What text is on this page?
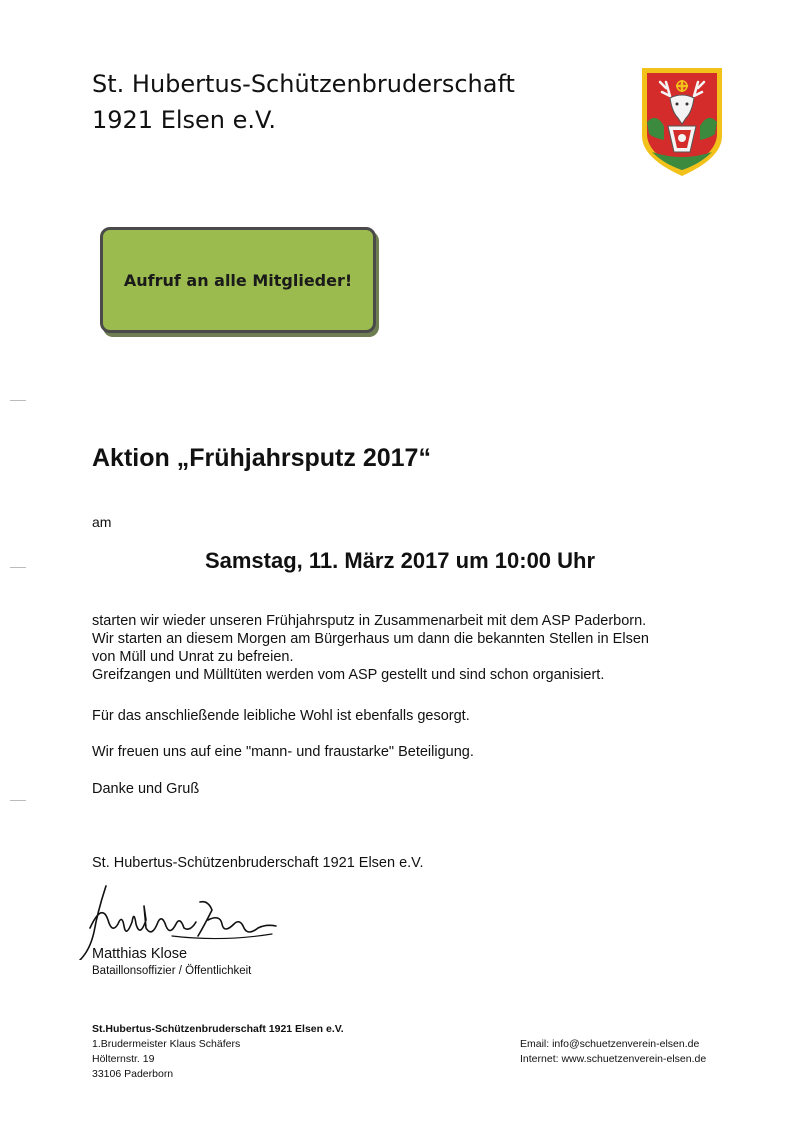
St. Hubertus-Schützenbruderschaft
1921 Elsen e.V.
Aufruf an alle Mitglieder!
Aktion „Frühjahrsputz 2017“
am
Samstag, 11. März 2017 um 10:00 Uhr
starten wir wieder unseren Frühjahrsputz in Zusammenarbeit mit dem ASP Paderborn.
Wir starten an diesem Morgen am Bürgerhaus um dann die bekannten Stellen in Elsen
von Müll und Unrat zu befreien.
Greifzangen und Mülltüten werden vom ASP gestellt und sind schon organisiert.
Für das anschließende leibliche Wohl ist ebenfalls gesorgt.
Wir freuen uns auf eine "mann- und fraustarke" Beteiligung.
Danke und Gruß
St. Hubertus-Schützenbruderschaft 1921 Elsen e.V.
Matthias Klose
Bataillonsoffizier / Öffentlichkeit
St.Hubertus-Schützenbruderschaft 1921 Elsen e.V.
1.Brudermeister Klaus Schäfers
Hölternstr. 19
33106 Paderborn
Email: info@schuetzenverein-elsen.de
Internet: www.schuetzenverein-elsen.de
